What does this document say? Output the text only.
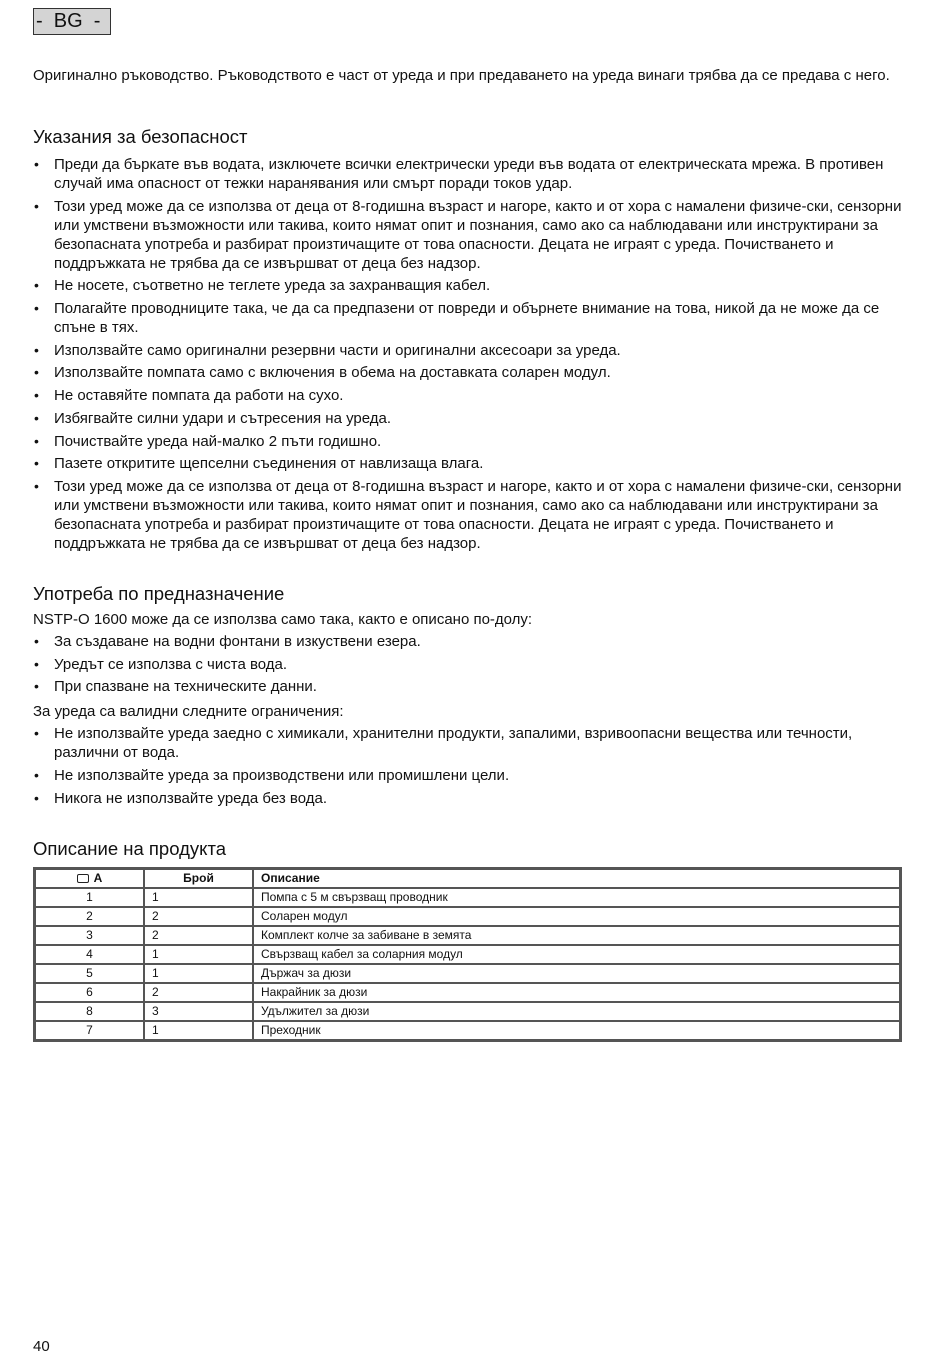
-  BG  -

Оригинално ръководство. Ръководството е част от уреда и при предаването на уреда винаги трябва да се предава с него.

Указания за безопасност
• Преди да бъркате във водата, изключете всички електрически уреди във водата от електрическата мрежа. В противен случай има опасност от тежки наранявания или смърт поради токов удар.
• Този уред може да се използва от деца от 8-годишна възраст и нагоре, както и от хора с намалени физиче-ски, сензорни или умствени възможности или такива, които нямат опит и познания, само ако са наблюдавани или инструктирани за безопасната употреба и разбират произтичащите от това опасности. Децата не играят с уреда. Почистването и поддръжката не трябва да се извършват от деца без надзор.
• Не носете, съответно не теглете уреда за захранващия кабел.
• Полагайте проводниците така, че да са предпазени от повреди и обърнете внимание на това, никой да не може да се спъне в тях.
• Използвайте само оригинални резервни части и оригинални аксесоари за уреда.
• Използвайте помпата само с включения в обема на доставката соларен модул.
• Не оставяйте помпата да работи на сухо.
• Избягвайте силни удари и сътресения на уреда.
• Почиствайте уреда най-малко 2 пъти годишно.
• Пазете откритите щепселни съединения от навлизаща влага.
• Този уред може да се използва от деца от 8-годишна възраст и нагоре, както и от хора с намалени физиче-ски, сензорни или умствени възможности или такива, които нямат опит и познания, само ако са наблюдавани или инструктирани за безопасната употреба и разбират произтичащите от това опасности. Децата не играят с уреда. Почистването и поддръжката не трябва да се извършват от деца без надзор.
Употреба по предназначение

NSTP-O 1600 може да се използва само така, както е описано по-долу:

• За създаване на водни фонтани в изкуствени езера.
• Уредът се използва с чиста вода.
• При спазване на техническите данни.

За уреда са валидни следните ограничения:

• Не използвайте уреда заедно с химикали, хранителни продукти, запалими, взривоопасни вещества или течности, различни от вода.
• Не използвайте уреда за производствени или промишлени цели.
• Никога не използвайте уреда без вода.
Описание на продукта
A	Брой	Описание
1	1	Помпа с 5 м свързващ проводник
2	2	Соларен модул
3	2	Комплект колче за забиване в земята
4	1	Свързващ кабел за соларния модул
5	1	Държач за дюзи
6	2	Накрайник за дюзи
8	3	Удължител за дюзи
7	1	Преходник
40
